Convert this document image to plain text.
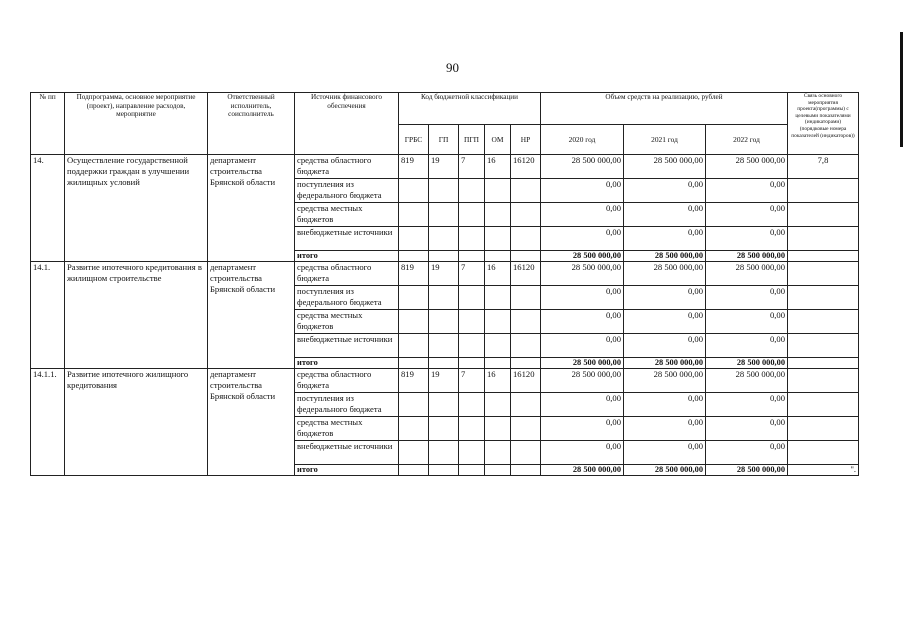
90
№ пп	Подпрограмма, основное мероприятие (проект), направление расходов, мероприятие	Ответственный исполнитель, соисполнитель	Источник финансового обеспечения	Код бюджетной классификации					Объем средств на реализацию, рублей			Связь основного мероприятия проекта(программы) с целевыми показателями (индикаторами) (порядковые номера показателей (индикаторов))
				ГРБС	ГП	ПГП	ОМ	НР	2020 год	2021 год	2022 год	
14.	Осуществление государственной поддержки граждан в улучшении жилищных условий	департамент строительства Брянской области	средства областного бюджета	819	19	7	16	16120	28 500 000,00	28 500 000,00	28 500 000,00	7,8
			поступления из федерального бюджета						0,00	0,00	0,00	
			средства местных бюджетов						0,00	0,00	0,00	
			внебюджетные источники						0,00	0,00	0,00	
			итого						28 500 000,00	28 500 000,00	28 500 000,00	
14.1.	Развитие ипотечного кредитования в жилищном строительстве	департамент строительства Брянской области	средства областного бюджета	819	19	7	16	16120	28 500 000,00	28 500 000,00	28 500 000,00	
			поступления из федерального бюджета						0,00	0,00	0,00	
			средства местных бюджетов						0,00	0,00	0,00	
			внебюджетные источники						0,00	0,00	0,00	
			итого						28 500 000,00	28 500 000,00	28 500 000,00	
14.1.1.	Развитие ипотечного жилищного кредитования	департамент строительства Брянской области	средства областного бюджета	819	19	7	16	16120	28 500 000,00	28 500 000,00	28 500 000,00	
			поступления из федерального бюджета						0,00	0,00	0,00	
			средства местных бюджетов						0,00	0,00	0,00	
			внебюджетные источники						0,00	0,00	0,00	
			итого						28 500 000,00	28 500 000,00	28 500 000,00	".
